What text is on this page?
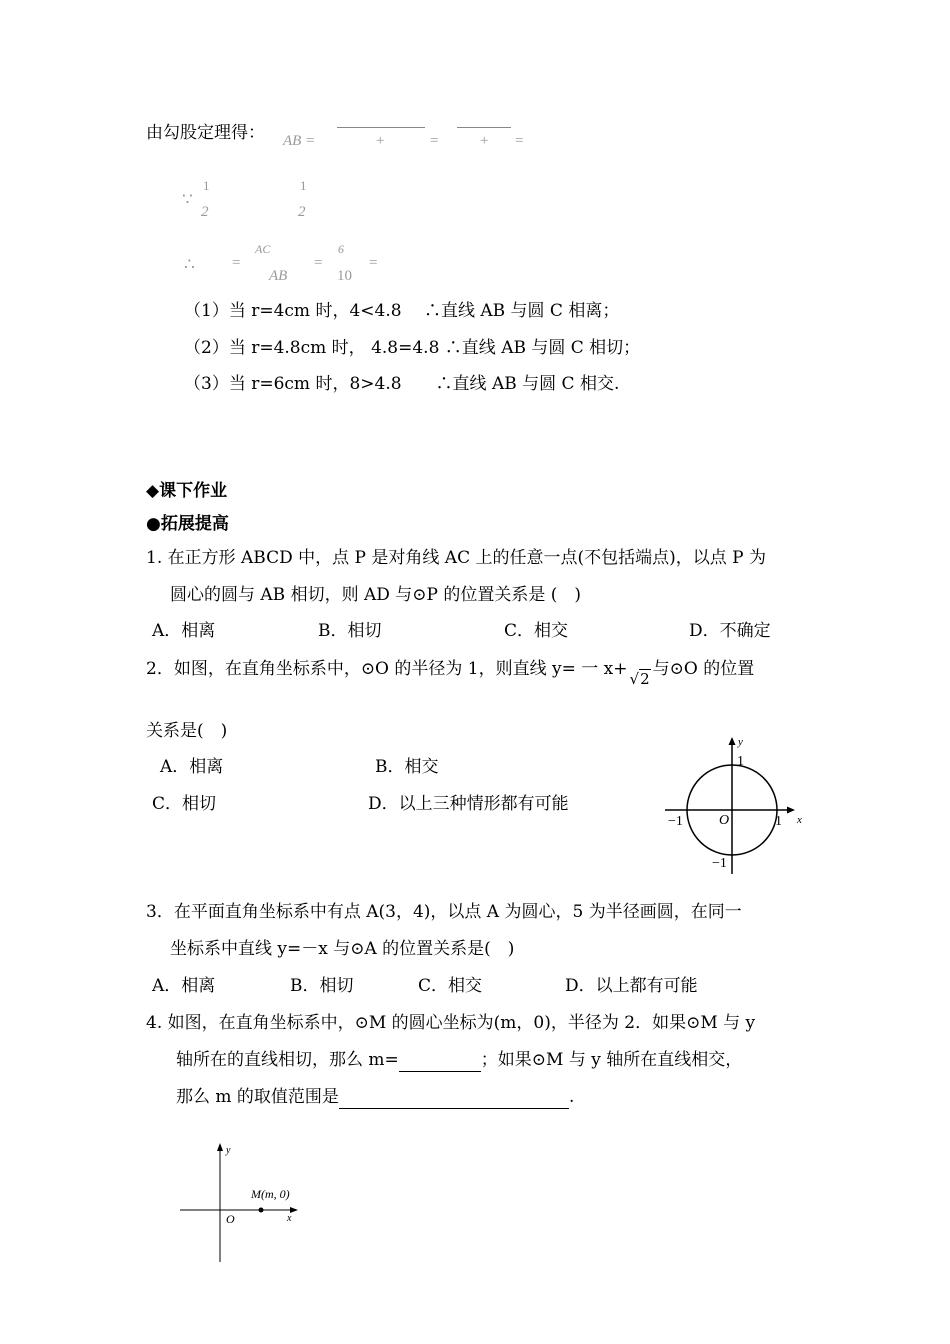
由勾股定理得： AB =	+	=	+ =
∵
1
2
1
2
∴ =
AC
AB
=
6
10
=
（1）当 r=4cm 时，4<4.8　 ∴直线 AB 与圆 C 相离；
（2）当 r=4.8cm 时， 4.8=4.8 ∴直线 AB 与圆 C 相切；
（3）当 r=6cm 时，8>4.8　　∴直线 AB 与圆 C 相交.
◆课下作业
●拓展提高
1. 在正方形 ABCD 中，点 P 是对角线 AC 上的任意一点(不包括端点)，以点 P 为
圆心的圆与 AB 相切，则 AD 与⊙P 的位置关系是 (　)
A．相离	B．相切	C．相交	D．不确定
2．如图，在直角坐标系中，⊙O 的半径为 1，则直线 y= 一 x+ √2 与⊙O 的位置
关系是(　)
A．相离	B．相交
C．相切	D．以上三种情形都有可能
y
x
O
1
1
−1
−1
3．在平面直角坐标系中有点 A(3，4)，以点 A 为圆心，5 为半径画圆，在同一
坐标系中直线 y=－x 与⊙A 的位置关系是(　)
A．相离	B．相切	C．相交	D．以上都有可能
4. 如图，在直角坐标系中，⊙M 的圆心坐标为(m，0)，半径为 2．如果⊙M 与 y
轴所在的直线相切，那么 m=	；如果⊙M 与 y 轴所在直线相交，
那么 m 的取值范围是	.
y
x
O
M(m, 0)
